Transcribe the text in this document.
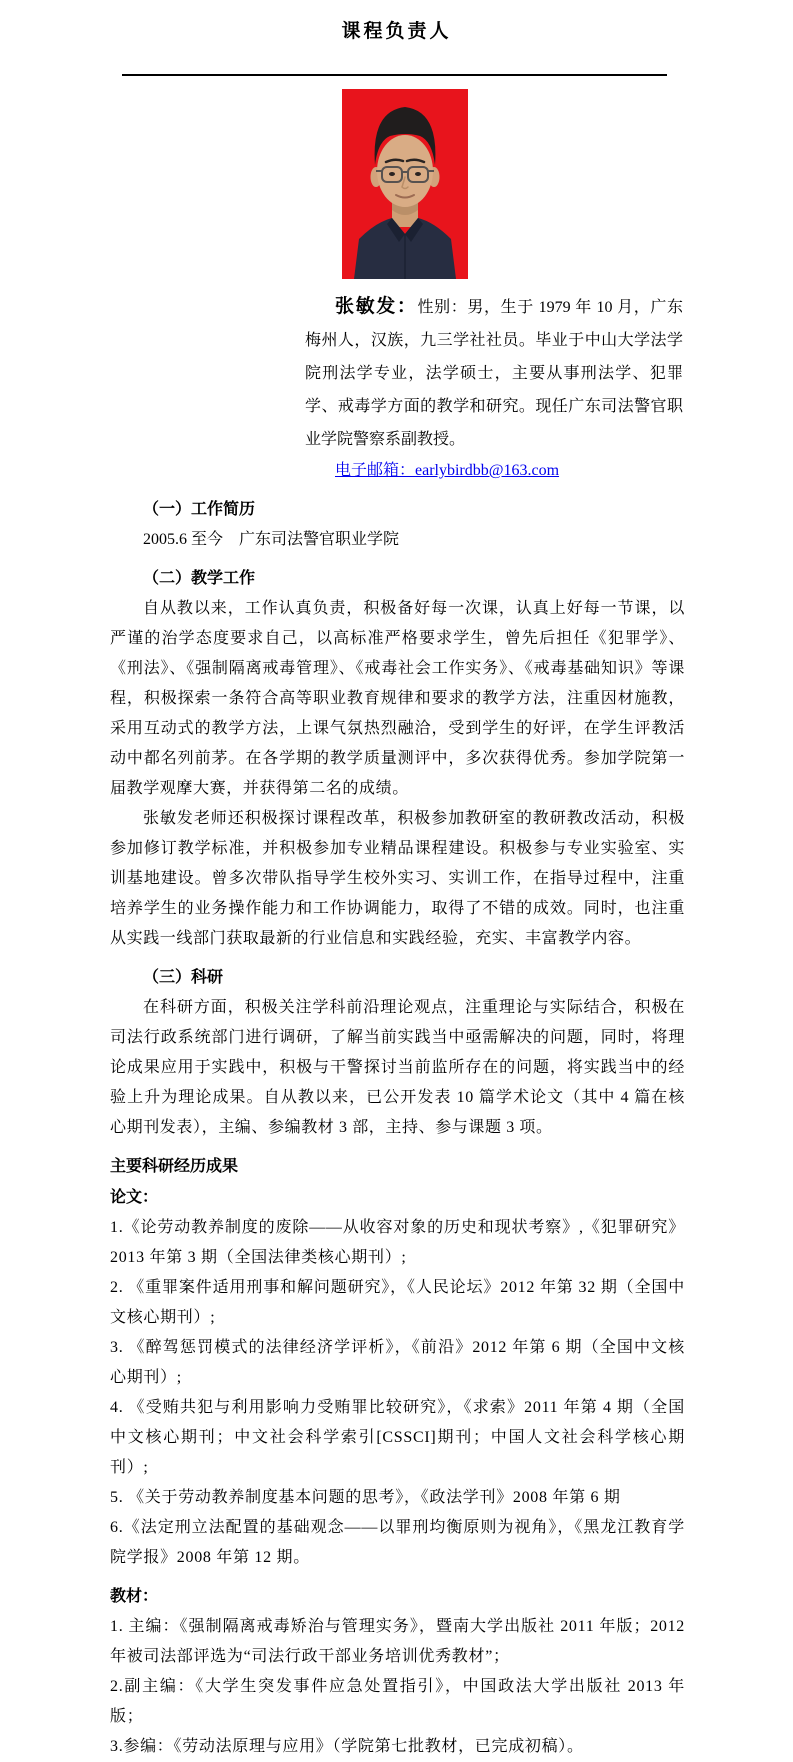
课程负责人

张敏发：性别：男，生于 1979 年 10 月，广东梅州人，汉族，九三学社社员。毕业于中山大学法学院刑法学专业，法学硕士，主要从事刑法学、犯罪学、戒毒学方面的教学和研究。现任广东司法警官职业学院警察系副教授。

电子邮箱：earlybirdbb@163.com
（一）工作简历

2005.6 至今　广东司法警官职业学院

（二）教学工作

自从教以来，工作认真负责，积极备好每一次课，认真上好每一节课，以严谨的治学态度要求自己，以高标准严格要求学生，曾先后担任《犯罪学》、《刑法》、《强制隔离戒毒管理》、《戒毒社会工作实务》、《戒毒基础知识》等课程，积极探索一条符合高等职业教育规律和要求的教学方法，注重因材施教，采用互动式的教学方法，上课气氛热烈融洽，受到学生的好评，在学生评教活动中都名列前茅。在各学期的教学质量测评中，多次获得优秀。参加学院第一届教学观摩大赛，并获得第二名的成绩。

张敏发老师还积极探讨课程改革，积极参加教研室的教研教改活动，积极参加修订教学标准，并积极参加专业精品课程建设。积极参与专业实验室、实训基地建设。曾多次带队指导学生校外实习、实训工作，在指导过程中，注重培养学生的业务操作能力和工作协调能力，取得了不错的成效。同时，也注重从实践一线部门获取最新的行业信息和实践经验，充实、丰富教学内容。

（三）科研

在科研方面，积极关注学科前沿理论观点，注重理论与实际结合，积极在司法行政系统部门进行调研，了解当前实践当中亟需解决的问题，同时，将理论成果应用于实践中，积极与干警探讨当前监所存在的问题，将实践当中的经验上升为理论成果。自从教以来，已公开发表 10 篇学术论文（其中 4 篇在核心期刊发表），主编、参编教材 3 部，主持、参与课题 3 项。

主要科研经历成果
论文：

1.《论劳动教养制度的废除——从收容对象的历史和现状考察》,《犯罪研究》2013 年第 3 期（全国法律类核心期刊）;

2. 《重罪案件适用刑事和解问题研究》，《人民论坛》2012 年第 32 期（全国中文核心期刊）;

3. 《醉驾惩罚模式的法律经济学评析》，《前沿》2012 年第 6 期（全国中文核心期刊）;

4. 《受贿共犯与利用影响力受贿罪比较研究》，《求索》2011 年第 4 期（全国中文核心期刊；中文社会科学索引[CSSCI]期刊；中国人文社会科学核心期刊）;

5. 《关于劳动教养制度基本问题的思考》，《政法学刊》2008 年第 6 期

6.《法定刑立法配置的基础观念——以罪刑均衡原则为视角》，《黑龙江教育学院学报》2008 年第 12 期。

教材：

1. 主编：《强制隔离戒毒矫治与管理实务》，暨南大学出版社 2011 年版；2012 年被司法部评选为“司法行政干部业务培训优秀教材”；

2.副主编：《大学生突发事件应急处置指引》，中国政法大学出版社 2013 年版；

3.参编：《劳动法原理与应用》（学院第七批教材，已完成初稿）。
